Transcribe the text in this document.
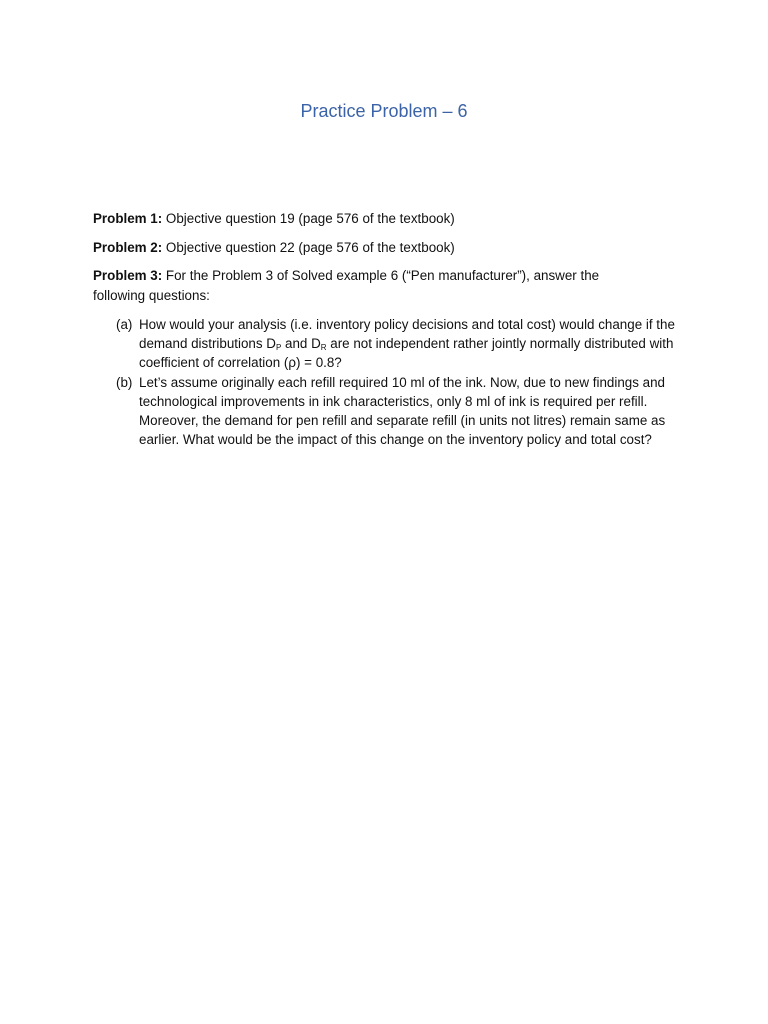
Practice Problem – 6
Problem 1: Objective question 19 (page 576 of the textbook)
Problem 2: Objective question 22 (page 576 of the textbook)
Problem 3: For the Problem 3 of Solved example 6 (“Pen manufacturer”), answer the following questions:
(a) How would your analysis (i.e. inventory policy decisions and total cost) would change if the demand distributions $D_P$ and $D_R$ are not independent rather jointly normally distributed with coefficient of correlation (ρ) = 0.8?
(b) Let’s assume originally each refill required 10 ml of the ink. Now, due to new findings and technological improvements in ink characteristics, only 8 ml of ink is required per refill. Moreover, the demand for pen refill and separate refill (in units not litres) remain same as earlier. What would be the impact of this change on the inventory policy and total cost?
